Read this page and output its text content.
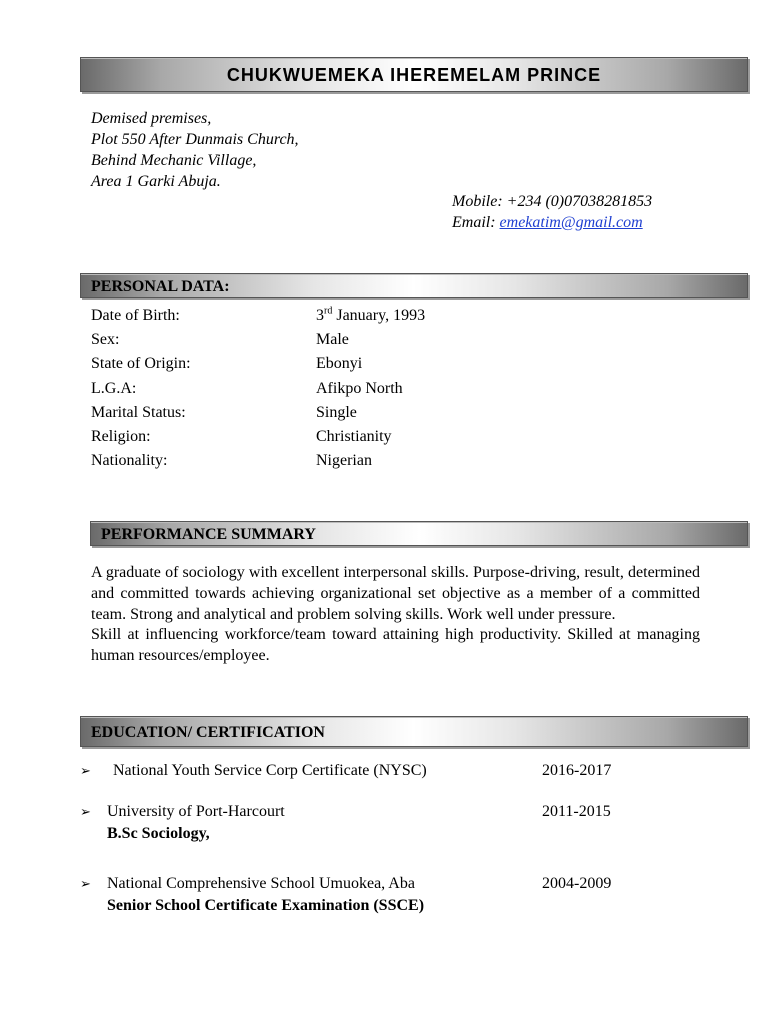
CHUKWUEMEKA IHEREMELAM PRINCE
Demised premises,
Plot 550 After Dunmais Church,
Behind Mechanic Village,
Area 1 Garki Abuja.
Mobile: +234 (0)07038281853
Email: emekatim@gmail.com
PERSONAL DATA:
Date of Birth:	3rd January, 1993
Sex:	Male
State of Origin:	Ebonyi
L.G.A:	Afikpo North
Marital Status:	Single
Religion:	Christianity
Nationality:	Nigerian
PERFORMANCE SUMMARY

A graduate of sociology with excellent interpersonal skills. Purpose-driving, result, determined and committed towards achieving organizational set objective as a member of a committed team. Strong and analytical and problem solving skills. Work well under pressure.

Skill at influencing workforce/team toward attaining high productivity. Skilled at managing human resources/employee.

EDUCATION/ CERTIFICATION
➢ National Youth Service Corp Certificate (NYSC)	2016-2017
➢ University of Port-Harcourt	2011-2015
B.Sc Sociology,
➢ National Comprehensive School Umuokea, Aba	2004-2009
Senior School Certificate Examination (SSCE)
